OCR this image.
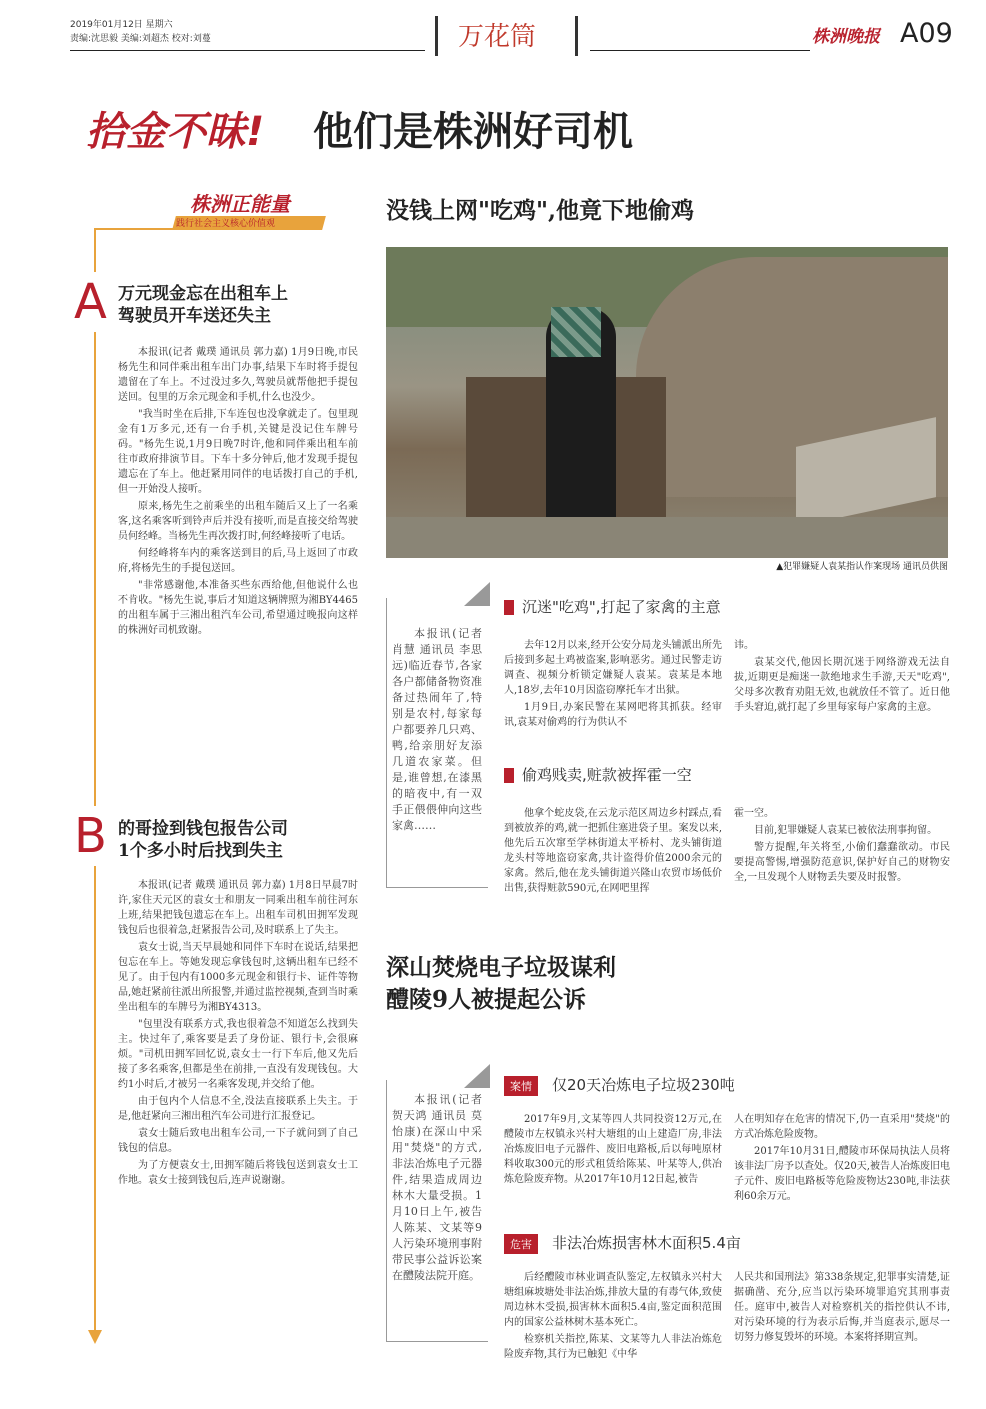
2019年01月12日 星期六
责编:沈思毅 美编:刘超杰 校对:刘蔓	万花筒	株洲晚报 A09
拾金不昧! 他们是株洲好司机
株洲正能量
践行社会主义核心价值观
A 万元现金忘在出租车上
驾驶员开车送还失主

本报讯(记者 戴璞 通讯员 郭力嘉) 1月9日晚,市民杨先生和同伴乘出租车出门办事,结果下车时将手提包遗留在了车上。不过没过多久,驾驶员就帮他把手提包送回。包里的万余元现金和手机,什么也没少。

"我当时坐在后排,下车连包也没拿就走了。包里现金有1万多元,还有一台手机,关键是没记住车牌号码。"杨先生说,1月9日晚7时许,他和同伴乘出租车前往市政府排演节目。下车十多分钟后,他才发现手提包遗忘在了车上。他赶紧用同伴的电话拨打自己的手机,但一开始没人接听。

原来,杨先生之前乘坐的出租车随后又上了一名乘客,这名乘客听到铃声后并没有接听,而是直接交给驾驶员何经峰。当杨先生再次拨打时,何经峰接听了电话。

何经峰将车内的乘客送到目的后,马上返回了市政府,将杨先生的手提包送回。

"非常感谢他,本准备买些东西给他,但他说什么也不肯收。"杨先生说,事后才知道这辆牌照为湘BY4465的出租车属于三湘出租汽车公司,希望通过晚报向这样的株洲好司机致谢。

B 的哥捡到钱包报告公司
1个多小时后找到失主

本报讯(记者 戴璞 通讯员 郭力嘉) 1月8日早晨7时许,家住天元区的袁女士和朋友一同乘出租车前往河东上班,结果把钱包遗忘在车上。出租车司机田拥军发现钱包后也很着急,赶紧报告公司,及时联系上了失主。

袁女士说,当天早晨她和同伴下车时在说话,结果把包忘在车上。等她发现忘拿钱包时,这辆出租车已经不见了。由于包内有1000多元现金和银行卡、证件等物品,她赶紧前往派出所报警,并通过监控视频,查到当时乘坐出租车的车牌号为湘BY4313。

"包里没有联系方式,我也很着急不知道怎么找到失主。快过年了,乘客要是丢了身份证、银行卡,会很麻烦。"司机田拥军回忆说,袁女士一行下车后,他又先后接了多名乘客,但都是坐在前排,一直没有发现钱包。大约1小时后,才被另一名乘客发现,并交给了他。

由于包内个人信息不全,没法直接联系上失主。于是,他赶紧向三湘出租汽车公司进行汇报登记。

袁女士随后致电出租车公司,一下子就问到了自己钱包的信息。

为了方便袁女士,田拥军随后将钱包送到袁女士工作地。袁女士接到钱包后,连声说谢谢。

没钱上网"吃鸡",他竟下地偷鸡
▲犯罪嫌疑人袁某指认作案现场 通讯员供图
本报讯(记者 肖慧 通讯员 李思远)临近春节,各家各户都储备物资准备过热闹年了,特别是农村,每家每户都要养几只鸡、鸭,给亲朋好友添几道农家菜。但是,谁曾想,在漆黑的暗夜中,有一双手正偎偎伸向这些家禽……
沉迷"吃鸡",打起了家禽的主意

去年12月以来,经开公安分局龙头铺派出所先后接到多起土鸡被盗案,影响恶劣。通过民警走访调查、视频分析锁定嫌疑人袁某。袁某是本地人,18岁,去年10月因盗窃摩托车才出狱。

1月9日,办案民警在某网吧将其抓获。经审讯,袁某对偷鸡的行为供认不

讳。

袁某交代,他因长期沉迷于网络游戏无法自拔,近期更是痴迷一款绝地求生手游,天天"吃鸡",父母多次教育劝阻无效,也就放任不管了。近日他手头窘迫,就打起了乡里每家每户家禽的主意。

偷鸡贱卖,赃款被挥霍一空

他拿个蛇皮袋,在云龙示范区周边乡村踩点,看到被放养的鸡,就一把抓住塞进袋子里。案发以来,他先后五次窜至学林街道太平桥村、龙头铺街道龙头村等地盗窃家禽,共计盗得价值2000余元的家禽。然后,他在龙头铺街道兴隆山农贸市场低价出售,获得赃款590元,在网吧里挥

霍一空。

目前,犯罪嫌疑人袁某已被依法刑事拘留。

警方提醒,年关将至,小偷们蠢蠢欲动。市民要提高警惕,增强防范意识,保护好自己的财物安全,一旦发现个人财物丢失要及时报警。

深山焚烧电子垃圾谋利
醴陵9人被提起公诉
本报讯(记者 贺天鸿 通讯员 莫怡康)在深山中采用"焚烧"的方式,非法冶炼电子元器件,结果造成周边林木大量受损。1月10日上午,被告人陈某、文某等9人污染环境刑事附带民事公益诉讼案在醴陵法院开庭。
案情 仅20天冶炼电子垃圾230吨

2017年9月,文某等四人共同投资12万元,在醴陵市左权镇永兴村大塘组的山上建造厂房,非法冶炼废旧电子元器件、废旧电路板,后以每吨原材料收取300元的形式租赁给陈某、叶某等人,供冶炼危险废弃物。从2017年10月12日起,被告

人在明知存在危害的情况下,仍一直采用"焚烧"的方式冶炼危险废物。

2017年10月31日,醴陵市环保局执法人员将该非法厂房予以查处。仅20天,被告人冶炼废旧电子元件、废旧电路板等危险废物达230吨,非法获利60余万元。

危害 非法冶炼损害林木面积5.4亩

后经醴陵市林业调查队鉴定,左权镇永兴村大塘组麻坡塘处非法冶炼,排放大量的有毒气体,致使周边林木受损,损害林木面积5.4亩,鉴定面积范围内的国家公益林树木基本死亡。

检察机关指控,陈某、文某等九人非法冶炼危险废弃物,其行为已触犯《中华

人民共和国刑法》第338条规定,犯罪事实清楚,证据确凿、充分,应当以污染环境罪追究其刑事责任。庭审中,被告人对检察机关的指控供认不讳,对污染环境的行为表示后悔,并当庭表示,愿尽一切努力修复毁坏的环境。本案将择期宣判。
